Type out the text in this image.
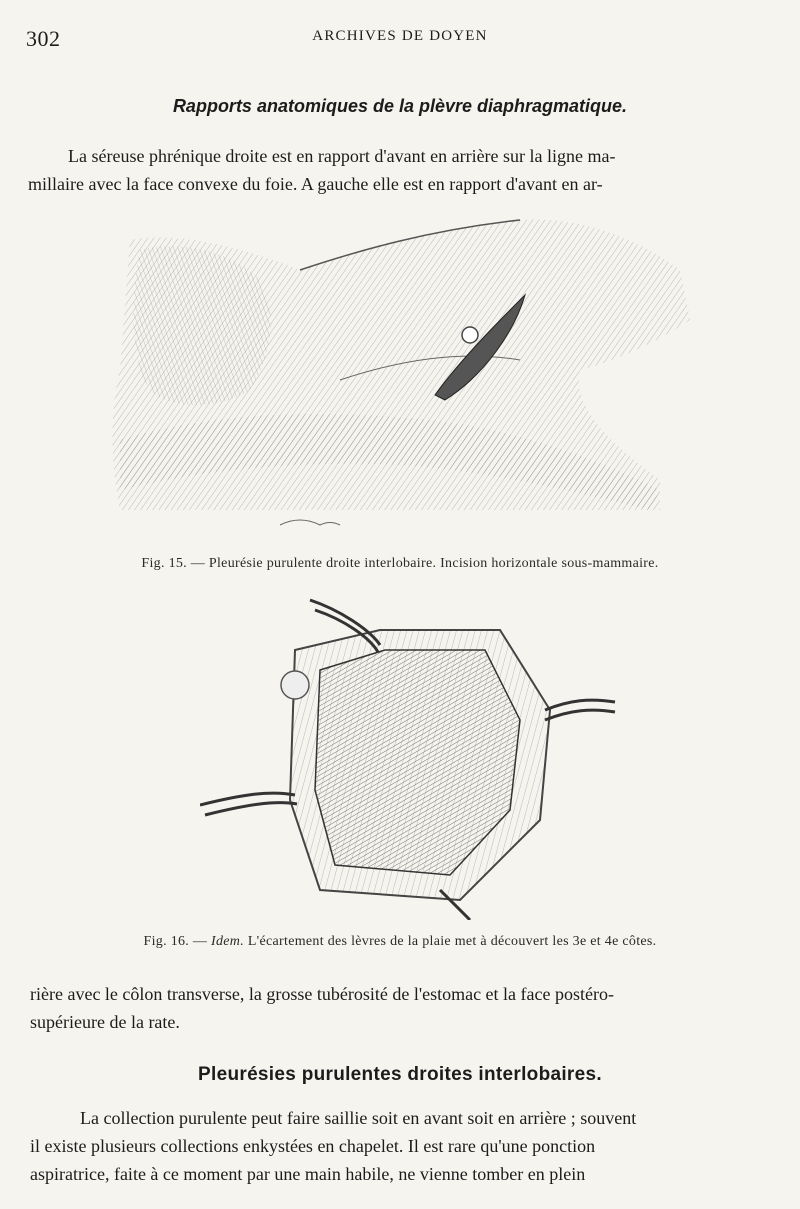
302	ARCHIVES DE DOYEN
Rapports anatomiques de la plèvre diaphragmatique.
La séreuse phrénique droite est en rapport d'avant en arrière sur la ligne ma-
millaire avec la face convexe du foie. A gauche elle est en rapport d'avant en ar-
Fig. 15. — Pleurésie purulente droite interlobaire. Incision horizontale sous-mammaire.
Fig. 16. — Idem. L'écartement des lèvres de la plaie met à découvert les 3e et 4e côtes.
rière avec le côlon transverse, la grosse tubérosité de l'estomac et la face postéro-
supérieure de la rate.
Pleurésies purulentes droites interlobaires.
La collection purulente peut faire saillie soit en avant soit en arrière ; souvent
il existe plusieurs collections enkystées en chapelet. Il est rare qu'une ponction
aspiratrice, faite à ce moment par une main habile, ne vienne tomber en plein
